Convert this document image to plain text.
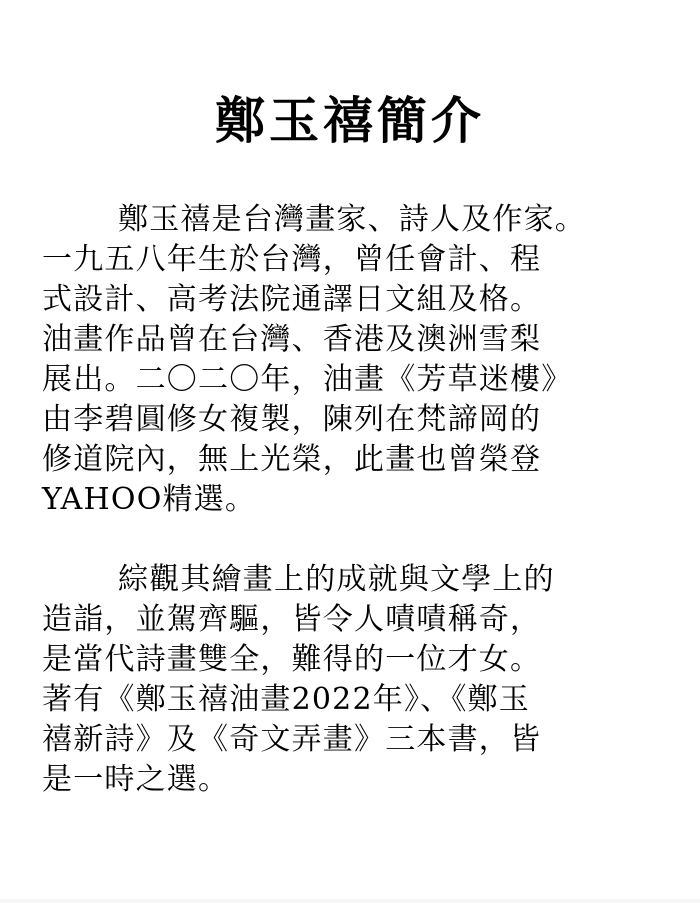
鄭玉禧簡介

鄭玉禧是台灣畫家、詩人及作家。
一九五八年生於台灣，曾任會計、程
式設計、高考法院通譯日文組及格。
油畫作品曾在台灣、香港及澳洲雪梨
展出。二〇二〇年，油畫《芳草迷樓》
由李碧圓修女複製，陳列在梵諦岡的
修道院內，無上光榮，此畫也曾榮登
YAHOO精選。

綜觀其繪畫上的成就與文學上的
造詣，並駕齊驅，皆令人嘖嘖稱奇，
是當代詩畫雙全，難得的一位才女。
著有《鄭玉禧油畫2022年》、《鄭玉
禧新詩》及《奇文弄畫》三本書，皆
是一時之選。
